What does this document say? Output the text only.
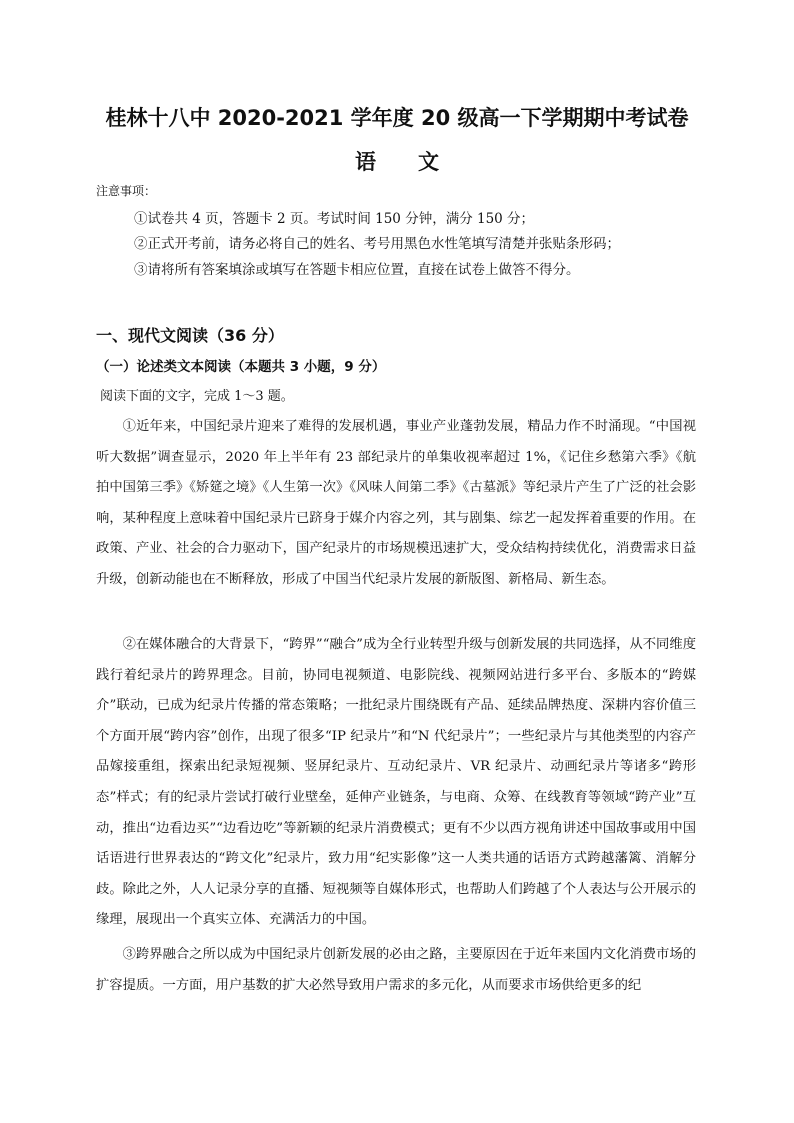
桂林十八中 2020-2021 学年度 20 级高一下学期期中考试卷
语　　文
注意事项：
①试卷共 4 页，答题卡 2 页。考试时间 150 分钟，满分 150 分；
②正式开考前，请务必将自己的姓名、考号用黑色水性笔填写清楚并张贴条形码；
③请将所有答案填涂或填写在答题卡相应位置，直接在试卷上做答不得分。
一、现代文阅读（36 分）
（一）论述类文本阅读（本题共 3 小题，9 分）
阅读下面的文字，完成 1～3 题。

①近年来，中国纪录片迎来了难得的发展机遇，事业产业蓬勃发展，精品力作不时涌现。“中国视听大数据”调查显示，2020 年上半年有 23 部纪录片的单集收视率超过 1%，《记住乡愁第六季》《航拍中国第三季》《矫筵之境》《人生第一次》《风味人间第二季》《古墓派》等纪录片产生了广泛的社会影响，某种程度上意味着中国纪录片已跻身于媒介内容之列，其与剧集、综艺一起发挥着重要的作用。在政策、产业、社会的合力驱动下，国产纪录片的市场规模迅速扩大，受众结构持续优化，消费需求日益升级，创新动能也在不断释放，形成了中国当代纪录片发展的新版图、新格局、新生态。

②在媒体融合的大背景下，“跨界”“融合”成为全行业转型升级与创新发展的共同选择，从不同维度践行着纪录片的跨界理念。目前，协同电视频道、电影院线、视频网站进行多平台、多版本的“跨媒介”联动，已成为纪录片传播的常态策略；一批纪录片围绕既有产品、延续品牌热度、深耕内容价值三个方面开展“跨内容”创作，出现了很多“IP 纪录片”和“N 代纪录片”；一些纪录片与其他类型的内容产品嫁接重组，探索出纪录短视频、竖屏纪录片、互动纪录片、VR 纪录片、动画纪录片等诸多“跨形态”样式；有的纪录片尝试打破行业壁垒，延伸产业链条，与电商、众筹、在线教育等领域“跨产业”互动，推出“边看边买”“边看边吃”等新颖的纪录片消费模式；更有不少以西方视角讲述中国故事或用中国话语进行世界表达的“跨文化”纪录片，致力用“纪实影像”这一人类共通的话语方式跨越藩篱、消解分歧。除此之外，人人记录分享的直播、短视频等自媒体形式，也帮助人们跨越了个人表达与公开展示的缘理，展现出一个真实立体、充满活力的中国。

③跨界融合之所以成为中国纪录片创新发展的必由之路，主要原因在于近年来国内文化消费市场的扩容提质。一方面，用户基数的扩大必然导致用户需求的多元化，从而要求市场供给更多的纪
